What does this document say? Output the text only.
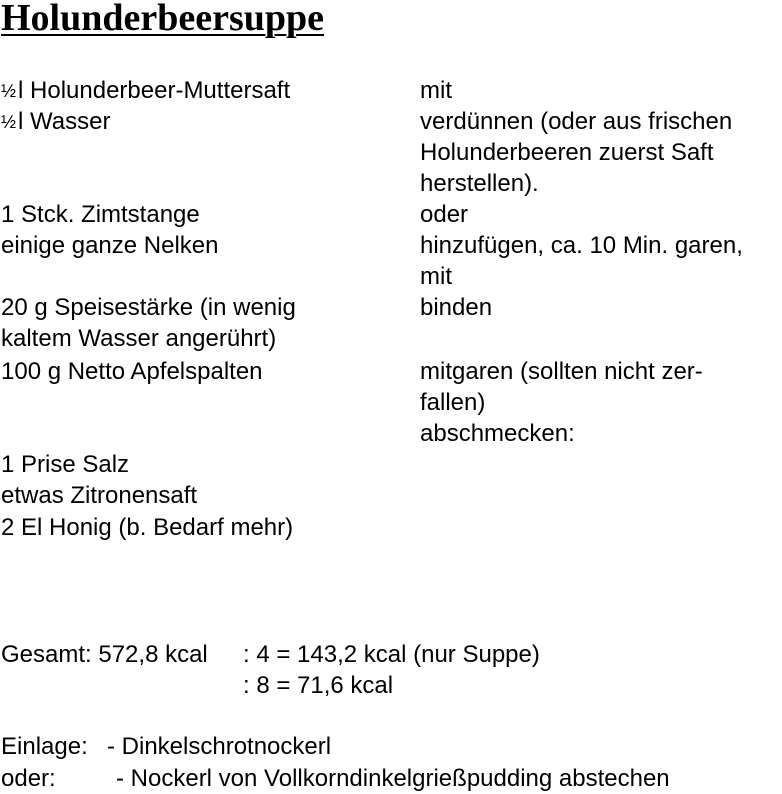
Holunderbeersuppe
½l Holunderbeer-Muttersaft
½l Wasser
1 Stck. Zimtstange
einige ganze Nelken
20 g Speisestärke (in wenig
kaltem Wasser angerührt)
100 g Netto Apfelspalten
1 Prise Salz
etwas Zitronensaft
2 El Honig (b. Bedarf mehr)
mit
verdünnen (oder aus frischen
Holunderbeeren zuerst Saft
herstellen).
oder
hinzufügen, ca. 10 Min. garen,
mit
binden
mitgaren (sollten nicht zer-
fallen)
abschmecken:
Gesamt: 572,8 kcal : 4 = 143,2 kcal (nur Suppe)
: 8 = 71,6 kcal
Einlage: - Dinkelschrotnockerl
oder:	- Nockerl von Vollkorndinkelgrießpudding abstechen
